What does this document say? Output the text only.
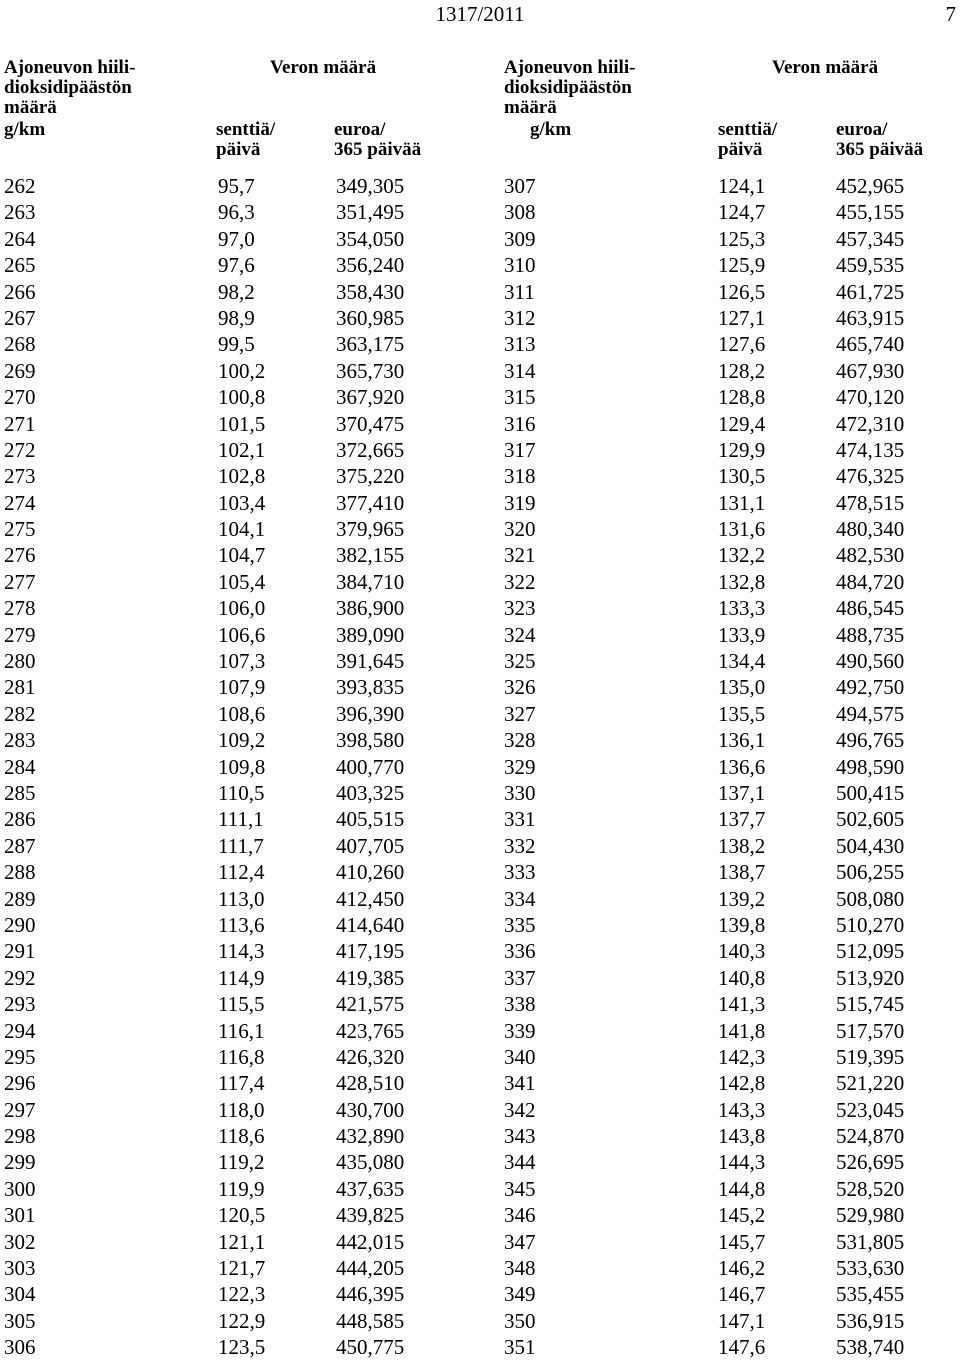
1317/2011	7
Ajoneuvon hiili-
dioksidipäästön
määrä
g/km
Veron määrä
senttiä/
päivä
euroa/
365 päivää
262	95,7	349,305
263	96,3	351,495
264	97,0	354,050
265	97,6	356,240
266	98,2	358,430
267	98,9	360,985
268	99,5	363,175
269	100,2	365,730
270	100,8	367,920
271	101,5	370,475
272	102,1	372,665
273	102,8	375,220
274	103,4	377,410
275	104,1	379,965
276	104,7	382,155
277	105,4	384,710
278	106,0	386,900
279	106,6	389,090
280	107,3	391,645
281	107,9	393,835
282	108,6	396,390
283	109,2	398,580
284	109,8	400,770
285	110,5	403,325
286	111,1	405,515
287	111,7	407,705
288	112,4	410,260
289	113,0	412,450
290	113,6	414,640
291	114,3	417,195
292	114,9	419,385
293	115,5	421,575
294	116,1	423,765
295	116,8	426,320
296	117,4	428,510
297	118,0	430,700
298	118,6	432,890
299	119,2	435,080
300	119,9	437,635
301	120,5	439,825
302	121,1	442,015
303	121,7	444,205
304	122,3	446,395
305	122,9	448,585
306	123,5	450,775
Ajoneuvon hiili-
dioksidipäästön
määrä
g/km
Veron määrä
senttiä/
päivä
euroa/
365 päivää
307	124,1	452,965
308	124,7	455,155
309	125,3	457,345
310	125,9	459,535
311	126,5	461,725
312	127,1	463,915
313	127,6	465,740
314	128,2	467,930
315	128,8	470,120
316	129,4	472,310
317	129,9	474,135
318	130,5	476,325
319	131,1	478,515
320	131,6	480,340
321	132,2	482,530
322	132,8	484,720
323	133,3	486,545
324	133,9	488,735
325	134,4	490,560
326	135,0	492,750
327	135,5	494,575
328	136,1	496,765
329	136,6	498,590
330	137,1	500,415
331	137,7	502,605
332	138,2	504,430
333	138,7	506,255
334	139,2	508,080
335	139,8	510,270
336	140,3	512,095
337	140,8	513,920
338	141,3	515,745
339	141,8	517,570
340	142,3	519,395
341	142,8	521,220
342	143,3	523,045
343	143,8	524,870
344	144,3	526,695
345	144,8	528,520
346	145,2	529,980
347	145,7	531,805
348	146,2	533,630
349	146,7	535,455
350	147,1	536,915
351	147,6	538,740
